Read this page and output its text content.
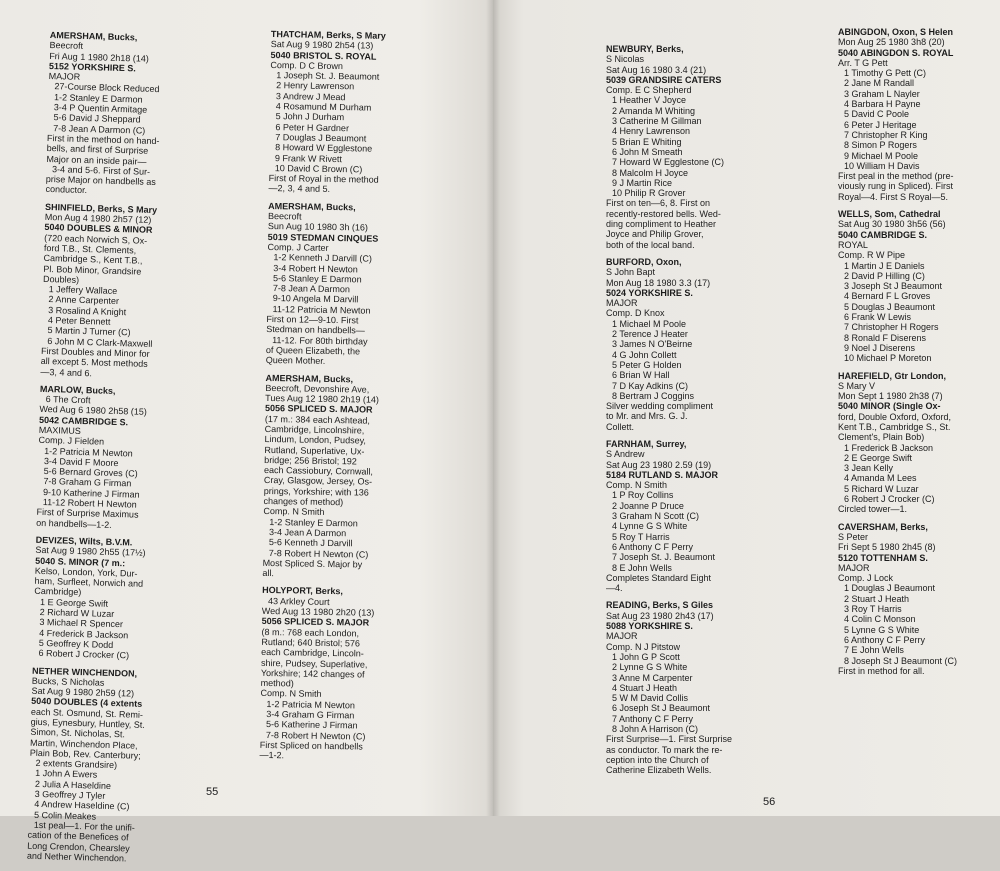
AMERSHAM, Bucks,
Beecroft
Fri Aug 1 1980 2h18 (14)
5152 YORKSHIRE S.
MAJOR
27-Course Block Reduced
1-2 Stanley E Darmon
3-4 P Quentin Armitage
5-6 David J Sheppard
7-8 Jean A Darmon (C)
First in the method on hand-
bells, and first of Surprise
Major on an inside pair—
3-4 and 5-6. First of Sur-
prise Major on handbells as
conductor.
SHINFIELD, Berks, S Mary
Mon Aug 4 1980 2h57 (12)
5040 DOUBLES & MINOR
(720 each Norwich S, Ox-
ford T.B., St. Clements,
Cambridge S., Kent T.B.,
Pl. Bob Minor, Grandsire
Doubles)
1 Jeffery Wallace
2 Anne Carpenter
3 Rosalind A Knight
4 Peter Bennett
5 Martin J Turner (C)
6 John M C Clark-Maxwell
First Doubles and Minor for
all except 5. Most methods
—3, 4 and 6.
MARLOW, Bucks,
6 The Croft
Wed Aug 6 1980 2h58 (15)
5042 CAMBRIDGE S.
MAXIMUS
Comp. J Fielden
1-2 Patricia M Newton
3-4 David F Moore
5-6 Bernard Groves (C)
7-8 Graham G Firman
9-10 Katherine J Firman
11-12 Robert H Newton
First of Surprise Maximus
on handbells—1-2.
DEVIZES, Wilts, B.V.M.
Sat Aug 9 1980 2h55 (17½)
5040 S. MINOR (7 m.:
Kelso, London, York, Dur-
ham, Surfleet, Norwich and
Cambridge)
1 E George Swift
2 Richard W Luzar
3 Michael R Spencer
4 Frederick B Jackson
5 Geoffrey K Dodd
6 Robert J Crocker (C)
NETHER WINCHENDON,
Bucks, S Nicholas
Sat Aug 9 1980 2h59 (12)
5040 DOUBLES (4 extents
each St. Osmund, St. Remi-
gius, Eynesbury, Huntley, St.
Simon, St. Nicholas, St.
Martin, Winchendon Place,
Plain Bob, Rev. Canterbury;
2 extents Grandsire)
1 John A Ewers
2 Julia A Haseldine
3 Geoffrey J Tyler
4 Andrew Haseldine (C)
5 Colin Meakes
1st peal—1. For the unifi-
cation of the Benefices of
Long Crendon, Chearsley
and Nether Winchendon.
THATCHAM, Berks, S Mary
Sat Aug 9 1980 2h54 (13)
5040 BRISTOL S. ROYAL
Comp. D C Brown
1 Joseph St. J. Beaumont
2 Henry Lawrenson
3 Andrew J Mead
4 Rosamund M Durham
5 John J Durham
6 Peter H Gardner
7 Douglas J Beaumont
8 Howard W Egglestone
9 Frank W Rivett
10 David C Brown (C)
First of Royal in the method
—2, 3, 4 and 5.
AMERSHAM, Bucks,
Beecroft
Sun Aug 10 1980 3h (16)
5019 STEDMAN CINQUES
Comp. J Carter
1-2 Kenneth J Darvill (C)
3-4 Robert H Newton
5-6 Stanley E Darmon
7-8 Jean A Darmon
9-10 Angela M Darvill
11-12 Patricia M Newton
First on 12—9-10. First
Stedman on handbells—
11-12. For 80th birthday
of Queen Elizabeth, the
Queen Mother.
AMERSHAM, Bucks,
Beecroft, Devonshire Ave,
Tues Aug 12 1980 2h19 (14)
5056 SPLICED S. MAJOR
(17 m.: 384 each Ashtead,
Cambridge, Lincolnshire,
Lindum, London, Pudsey,
Rutland, Superlative, Ux-
bridge; 256 Bristol; 192
each Cassiobury, Cornwall,
Cray, Glasgow, Jersey, Os-
prings, Yorkshire; with 136
changes of method)
Comp. N Smith
1-2 Stanley E Darmon
3-4 Jean A Darmon
5-6 Kenneth J Darvill
7-8 Robert H Newton (C)
Most Spliced S. Major by
all.
HOLYPORT, Berks,
43 Arkley Court
Wed Aug 13 1980 2h20 (13)
5056 SPLICED S. MAJOR
(8 m.: 768 each London,
Rutland; 640 Bristol; 576
each Cambridge, Lincoln-
shire, Pudsey, Superlative,
Yorkshire; 142 changes of
method)
Comp. N Smith
1-2 Patricia M Newton
3-4 Graham G Firman
5-6 Katherine J Firman
7-8 Robert H Newton (C)
First Spliced on handbells
—1-2.
55
NEWBURY, Berks,
S Nicolas
Sat Aug 16 1980 3.4 (21)
5039 GRANDSIRE CATERS
Comp. E C Shepherd
1 Heather V Joyce
2 Amanda M Whiting
3 Catherine M Gillman
4 Henry Lawrenson
5 Brian E Whiting
6 John M Smeath
7 Howard W Egglestone (C)
8 Malcolm H Joyce
9 J Martin Rice
10 Philip R Grover
First on ten—6, 8. First on
recently-restored bells. Wed-
ding compliment to Heather
Joyce and Philip Grover,
both of the local band.
BURFORD, Oxon,
S John Bapt
Mon Aug 18 1980 3.3 (17)
5024 YORKSHIRE S.
MAJOR
Comp. D Knox
1 Michael M Poole
2 Terence J Heater
3 James N O'Beirne
4 G John Collett
5 Peter G Holden
6 Brian W Hall
7 D Kay Adkins (C)
8 Bertram J Coggins
Silver wedding compliment
to Mr. and Mrs. G. J.
Collett.
FARNHAM, Surrey,
S Andrew
Sat Aug 23 1980 2.59 (19)
5184 RUTLAND S. MAJOR
Comp. N Smith
1 P Roy Collins
2 Joanne P Druce
3 Graham N Scott (C)
4 Lynne G S White
5 Roy T Harris
6 Anthony C F Perry
7 Joseph St. J. Beaumont
8 E John Wells
Completes Standard Eight
—4.
READING, Berks, S Giles
Sat Aug 23 1980 2h43 (17)
5088 YORKSHIRE S.
MAJOR
Comp. N J Pitstow
1 John G P Scott
2 Lynne G S White
3 Anne M Carpenter
4 Stuart J Heath
5 W M David Collis
6 Joseph St J Beaumont
7 Anthony C F Perry
8 John A Harrison (C)
First Surprise—1. First Surprise
as conductor. To mark the re-
ception into the Church of
Catherine Elizabeth Wells.
ABINGDON, Oxon, S Helen
Mon Aug 25 1980 3h8 (20)
5040 ABINGDON S. ROYAL
Arr. T G Pett
1 Timothy G Pett (C)
2 Jane M Randall
3 Graham L Nayler
4 Barbara H Payne
5 David C Poole
6 Peter J Heritage
7 Christopher R King
8 Simon P Rogers
9 Michael M Poole
10 William H Davis
First peal in the method (pre-
viously rung in Spliced). First
Royal—4. First S Royal—5.
WELLS, Som, Cathedral
Sat Aug 30 1980 3h56 (56)
5040 CAMBRIDGE S.
ROYAL
Comp. R W Pipe
1 Martin J E Daniels
2 David P Hilling (C)
3 Joseph St J Beaumont
4 Bernard F L Groves
5 Douglas J Beaumont
6 Frank W Lewis
7 Christopher H Rogers
8 Ronald F Diserens
9 Noel J Diserens
10 Michael P Moreton
HAREFIELD, Gtr London,
S Mary V
Mon Sept 1 1980 2h38 (7)
5040 MINOR (Single Ox-
ford, Double Oxford, Oxford,
Kent T.B., Cambridge S., St.
Clement's, Plain Bob)
1 Frederick B Jackson
2 E George Swift
3 Jean Kelly
4 Amanda M Lees
5 Richard W Luzar
6 Robert J Crocker (C)
Circled tower—1.
CAVERSHAM, Berks,
S Peter
Fri Sept 5 1980 2h45 (8)
5120 TOTTENHAM S.
MAJOR
Comp. J Lock
1 Douglas J Beaumont
2 Stuart J Heath
3 Roy T Harris
4 Colin C Monson
5 Lynne G S White
6 Anthony C F Perry
7 E John Wells
8 Joseph St J Beaumont (C)
First in method for all.
56
